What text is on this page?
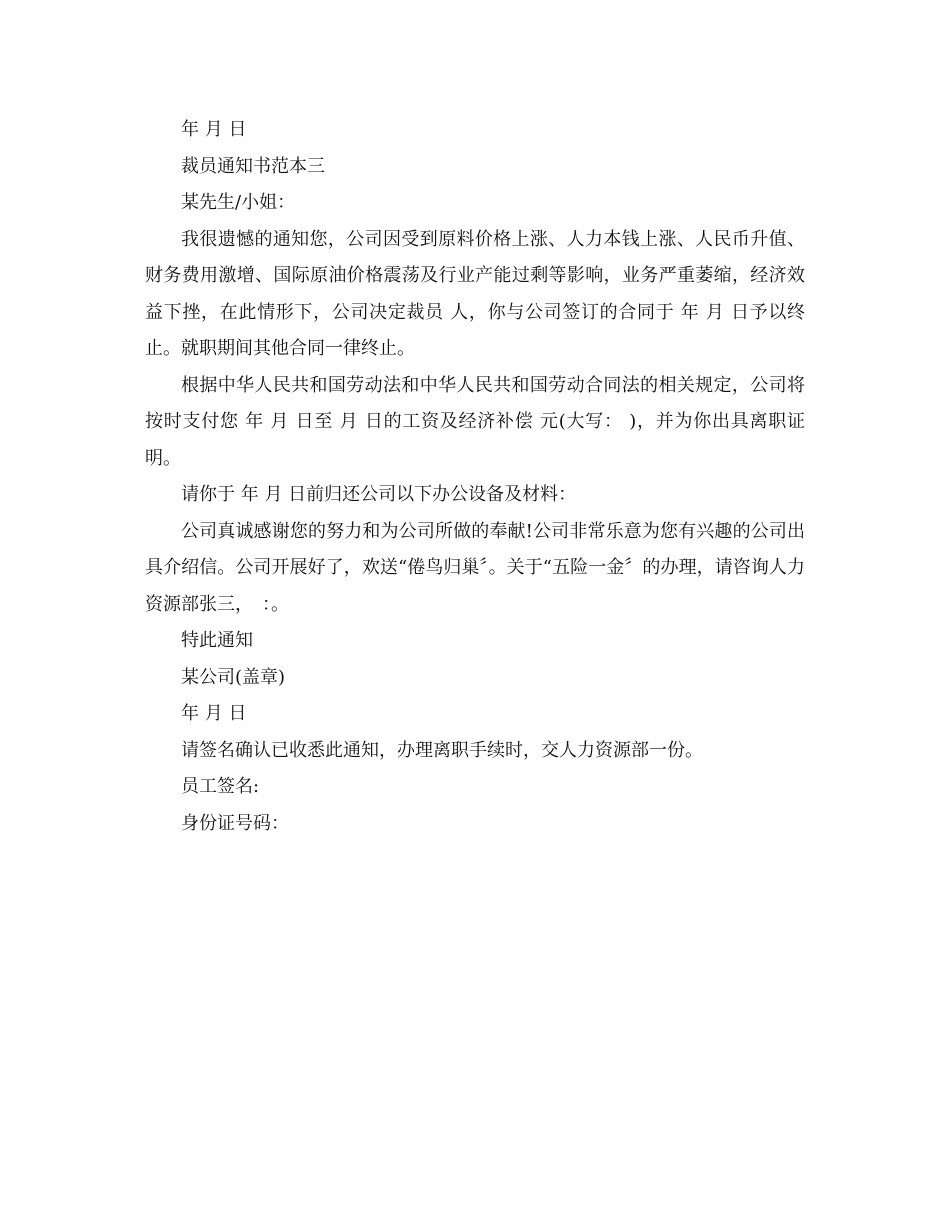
年 月 日

裁员通知书范本三

某先生/小姐：

我很遗憾的通知您，公司因受到原料价格上涨、人力本钱上涨、人民币升值、财务费用激增、国际原油价格震荡及行业产能过剩等影响，业务严重萎缩，经济效益下挫，在此情形下，公司决定裁员 人，你与公司签订的合同于 年 月 日予以终止。就职期间其他合同一律终止。

根据中华人民共和国劳动法和中华人民共和国劳动合同法的相关规定，公司将按时支付您 年 月 日至 月 日的工资及经济补偿 元(大写： )，并为你出具离职证明。

请你于 年 月 日前归还公司以下办公设备及材料：

公司真诚感谢您的努力和为公司所做的奉献!公司非常乐意为您有兴趣的公司出具介绍信。公司开展好了，欢送“倦鸟归巢〞。关于“五险一金〞的办理，请咨询人力资源部张三，　：。

特此通知

某公司(盖章)

年 月 日

请签名确认已收悉此通知，办理离职手续时，交人力资源部一份。

员工签名:

身份证号码：
